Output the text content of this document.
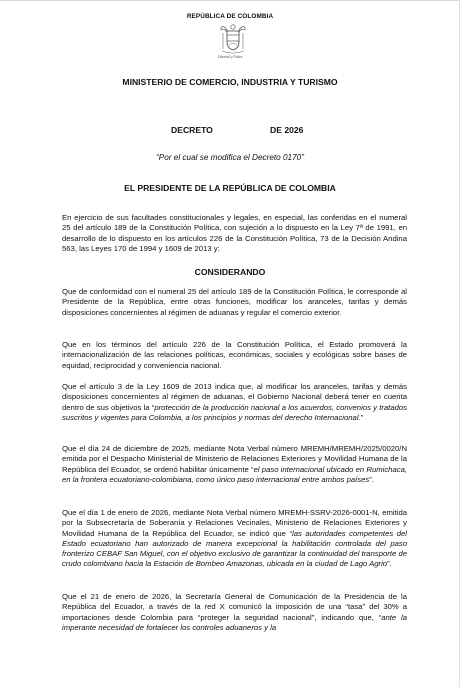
REPÚBLICA DE COLOMBIA
Libertad y Orden
MINISTERIO DE COMERCIO, INDUSTRIA Y TURISMO
DECRETO	DE 2026
“Por el cual se modifica el Decreto 0170”
EL PRESIDENTE DE LA REPÚBLICA DE COLOMBIA

En ejercicio de sus facultades constitucionales y legales, en especial, las conferidas en el numeral 25 del artículo 189 de la Constitución Política, con sujeción a lo dispuesto en la Ley 7ª de 1991, en desarrollo de lo dispuesto en los artículos 226 de la Constitución Política, 73 de la Decisión Andina 563, las Leyes 170 de 1994 y 1609 de 2013 y:

CONSIDERANDO

Que de conformidad con el numeral 25 del artículo 189 de la Constitución Política, le corresponde al Presidente de la República, entre otras funciones, modificar los aranceles, tarifas y demás disposiciones concernientes al régimen de aduanas y regular el comercio exterior.

Que en los términos del artículo 226 de la Constitución Política, el Estado promoverá la internacionalización de las relaciones políticas, económicas, sociales y ecológicas sobre bases de equidad, reciprocidad y conveniencia nacional.

Que el artículo 3 de la Ley 1609 de 2013 indica que, al modificar los aranceles, tarifas y demás disposiciones concernientes al régimen de aduanas, el Gobierno Nacional deberá tener en cuenta dentro de sus objetivos la “protección de la producción nacional a los acuerdos, convenios y tratados suscritos y vigentes para Colombia, a los principios y normas del derecho Internacional.”

Que el día 24 de diciembre de 2025, mediante Nota Verbal número MREMH/MREMH/2025/0020/N emitida por el Despacho Ministerial de Ministerio de Relaciones Exteriores y Movilidad Humana de la República del Ecuador, se ordenó habilitar únicamente “el paso internacional ubicado en Rumichaca, en la frontera ecuatoriano-colombiana, como único paso internacional entre ambos países”.

Que el día 1 de enero de 2026, mediante Nota Verbal número MREMH-SSRV-2026-0001-N, emitida por la Subsecretaría de Soberanía y Relaciones Vecinales, Ministerio de Relaciones Exteriores y Movilidad Humana de la República del Ecuador, se indicó que “las autoridades competentes del Estado ecuatoriano han autorizado de manera excepcional la habilitación controlada del paso fronterizo CEBAF San Miguel, con el objetivo exclusivo de garantizar la continuidad del transporte de crudo colombiano hacia la Estación de Bombeo Amazonas, ubicada en la ciudad de Lago Agrio”.

Que el 21 de enero de 2026, la Secretaría General de Comunicación de la Presidencia de la República del Ecuador, a través de la red X comunicó la imposición de una “tasa” del 30% a importaciones desde Colombia para “proteger la seguridad nacional”, indicando que, “ante la imperante necesidad de fortalecer los controles aduaneros y la
